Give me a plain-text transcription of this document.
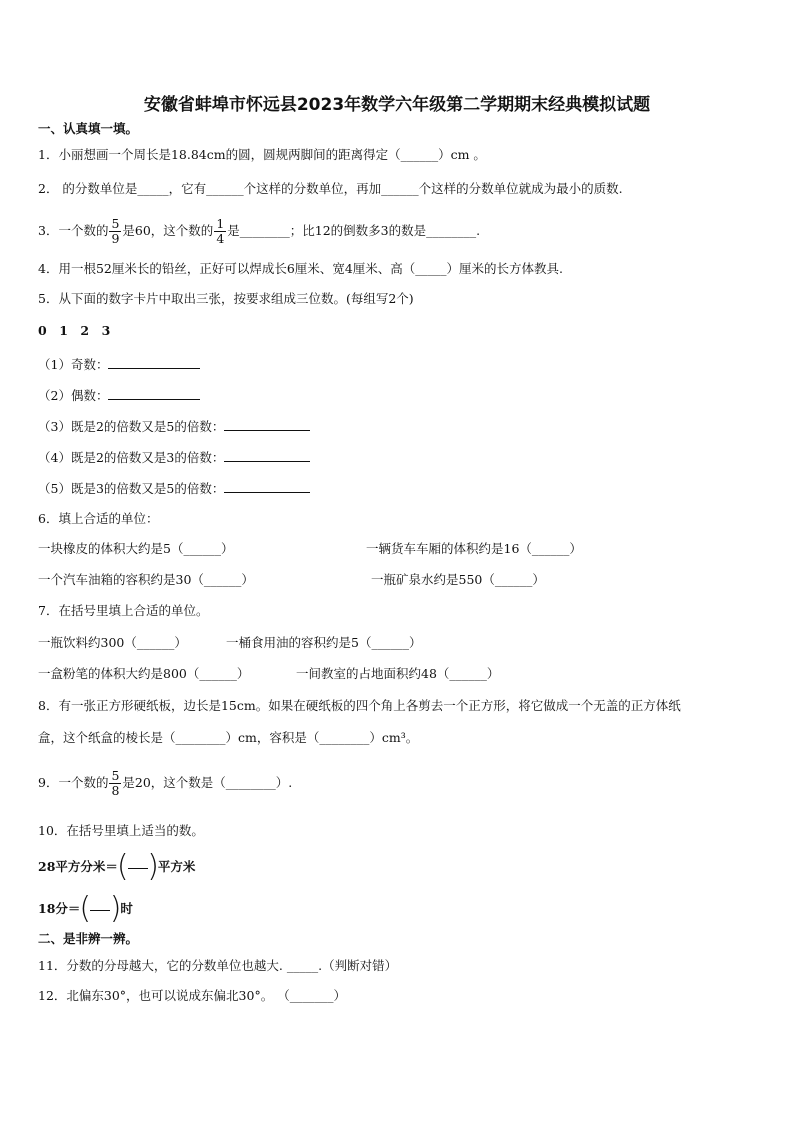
安徽省蚌埠市怀远县2023年数学六年级第二学期期末经典模拟试题
一、认真填一填。
1．小丽想画一个周长是18.84cm的圆，圆规两脚间的距离得定（______）cm 。
2． 的分数单位是_____，它有______个这样的分数单位，再加______个这样的分数单位就成为最小的质数.
3．一个数的 $\frac{5}{9}$ 是60，这个数的 $\frac{1}{4}$ 是________；比12的倒数多3的数是________.
4．用一根52厘米长的铅丝，正好可以焊成长6厘米、宽4厘米、高（_____）厘米的长方体教具.
5．从下面的数字卡片中取出三张，按要求组成三位数。(每组写2个)
0　1　2　3
（1）奇数：
（2）偶数：
（3）既是2的倍数又是5的倍数：
（4）既是2的倍数又是3的倍数：
（5）既是3的倍数又是5的倍数：
6．填上合适的单位：
一块橡皮的体积大约是5（______）	一辆货车车厢的体积约是16（______）
一个汽车油箱的容积约是30（______）	一瓶矿泉水约是550（______）
7．在括号里填上合适的单位。
一瓶饮料约300（______）	一桶食用油的容积约是5（______）
一盒粉笔的体积大约是800（______）	一间教室的占地面积约48（______）
8．有一张正方形硬纸板，边长是15cm。如果在硬纸板的四个角上各剪去一个正方形，将它做成一个无盖的正方体纸
盒，这个纸盒的棱长是（________）cm，容积是（________）cm³。
9．一个数的 $\frac{5}{8}$ 是20，这个数是（________）.
10．在括号里填上适当的数。
28平方分米＝ ( ) 平方米
18分＝ ( ) 时
二、是非辨一辨。
11．分数的分母越大，它的分数单位也越大. _____.（判断对错）
12．北偏东30°，也可以说成东偏北30°。 （_______）
